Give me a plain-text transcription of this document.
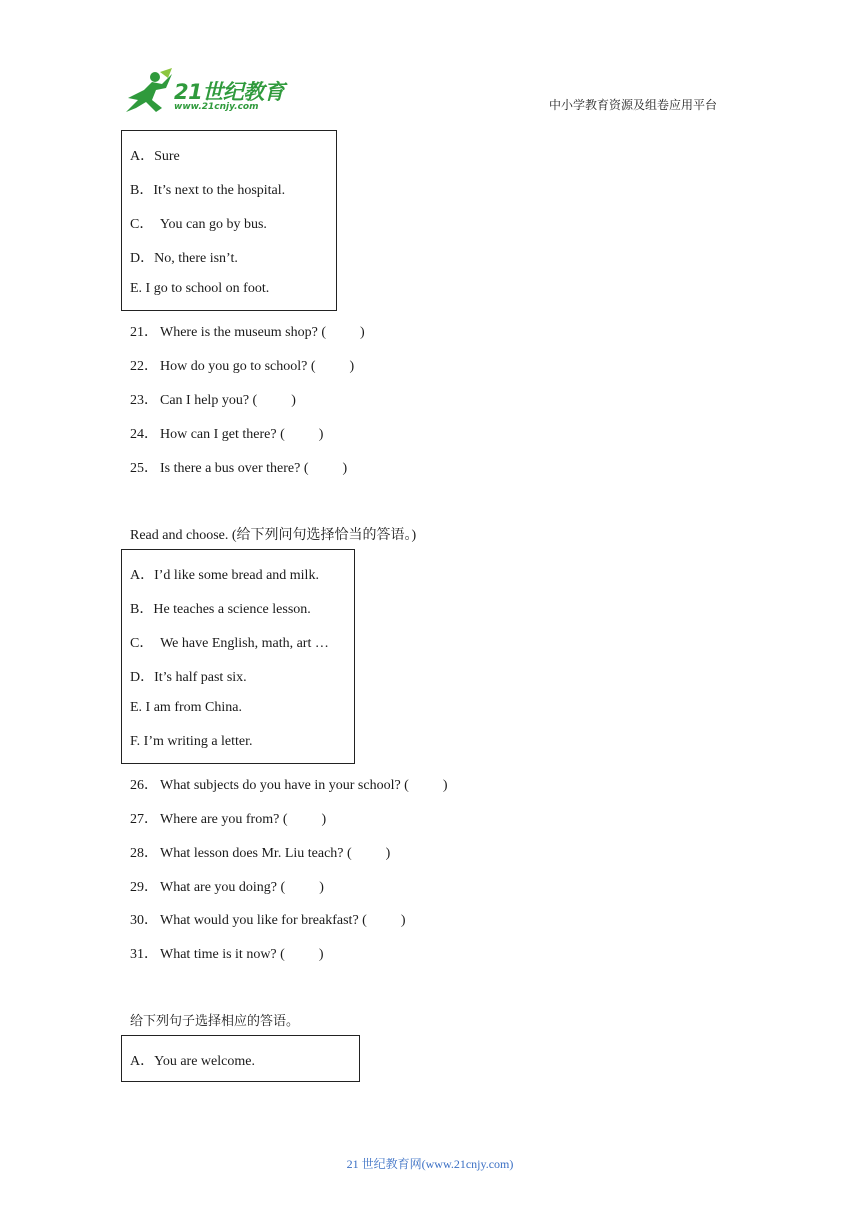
21世纪教育
www.21cnjy.com	中小学教育资源及组卷应用平台
A．Sure
B．It’s next to the hospital.
C．  You can go by bus.
D．No, there isn’t.
E. I go to school on foot.
21． Where is the museum shop? ( )
22． How do you go to school? ( )
23． Can I help you? ( )
24． How can I get there? ( )
25． Is there a bus over there? ( )
Read and choose. (给下列问句选择恰当的答语。)
A．I’d like some bread and milk.
B．He teaches a science lesson.
C．  We have English, math, art …
D．It’s half past six.
E. I am from China.
F. I’m writing a letter.
26． What subjects do you have in your school? ( )
27． Where are you from? ( )
28． What lesson does Mr. Liu teach? ( )
29． What are you doing? ( )
30． What would you like for breakfast? ( )
31． What time is it now? ( )
给下列句子选择相应的答语。
A．You are welcome.
21 世纪教育网(www.21cnjy.com)
